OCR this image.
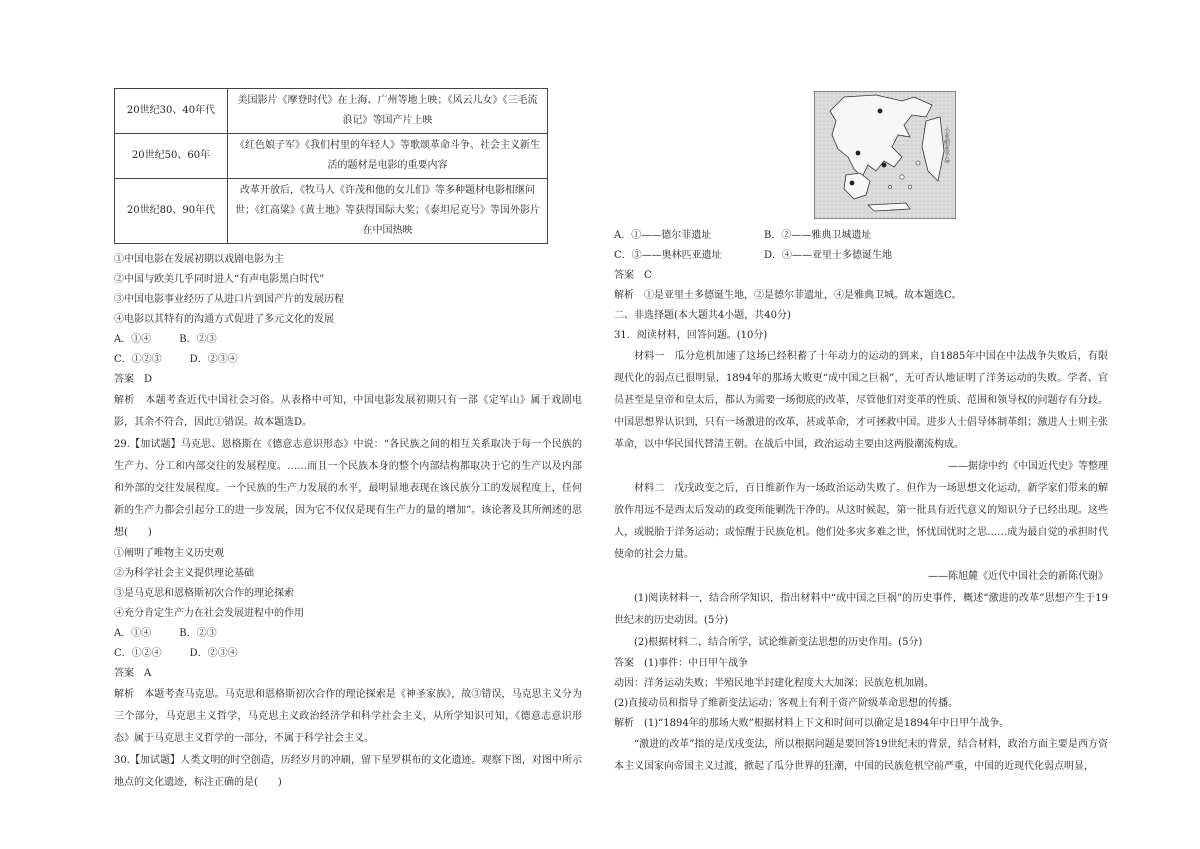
20世纪30、40年代	美国影片《摩登时代》在上海、广州等地上映；《风云儿女》《三毛流浪记》等国产片上映
20世纪50、60年	《红色娘子军》《我们村里的年轻人》等歌颂革命斗争、社会主义新生活的题材是电影的重要内容
20世纪80、90年代	改革开放后，《牧马人《许茂和他的女儿们》等多种题材电影相继问世；《红高粱》《黄土地》等获得国际大奖；《泰坦尼克号》等国外影片在中国热映

①中国电影在发展初期以戏剧电影为主

②中国与欧美几乎同时进人“有声电影黑白时代”

③中国电影事业经历了从进口片到国产片的发展历程

④电影以其特有的沟通方式促进了多元文化的发展

A．①④	B．②③

C．①②③	D．②③④

答案　D

解析　本题考查近代中国社会习俗。从表格中可知，中国电影发展初期只有一部《定军山》属于戏剧电影，其余不符合，因此①错误。故本题选D。

29.【加试题】马克思、恩格斯在《德意志意识形态》中说：“各民族之间的相互关系取决于每一个民族的生产力、分工和内部交往的发展程度。……而且一个民族本身的整个内部结构都取决于它的生产以及内部和外部的交往发展程度。一个民族的生产力发展的水平，最明显地表现在该民族分工的发展程度上，任何新的生产力都会引起分工的进一步发展，因为它不仅仅是现有生产力的量的增加”。该论著及其所阐述的思想(　　)

①阐明了唯物主义历史观

②为科学社会主义提供理论基础

③是马克思和恩格斯初次合作的理论探索

④充分肯定生产力在社会发展进程中的作用

A．①④	B．②③

C．①②④	D．②③④

答案　A

解析　本题考查马克思。马克思和恩格斯初次合作的理论探索是《神圣家族》，故③错误，马克思主义分为三个部分，马克思主义哲学，马克思主义政治经济学和科学社会主义，从所学知识可知，《德意志意识形态》属于马克思主义哲学的一部分，不属于科学社会主义。

30.【加试题】人类文明的时空创造，历经岁月的冲刷，留下星罗棋布的文化遗迹。观察下图，对图中所示地点的文化遗迹，标注正确的是(　　)

小亚细亚半岛

A．①——德尔菲遗址	B．②——雅典卫城遗址

C．③——奥林匹亚遗址	D．④——亚里士多德诞生地

答案　C

解析　①是亚里士多德诞生地，②是德尔菲遗址，④是雅典卫城。故本题选C。

二、非选择题(本大题共4小题，共40分)

31．阅读材料，回答问题。(10分)

材料一　瓜分危机加速了这场已经积蓄了十年动力的运动的到来，自1885年中国在中法战争失败后，有限现代化的弱点已很明显，1894年的那场大败更“成中国之巨祸”，无可否认地证明了洋务运动的失败。学者、官员甚至是皇帝和皇太后，都认为需要一场彻底的改革，尽管他们对变革的性质、范围和领导权的问题存有分歧。中国思想界认识到，只有一场激进的改革，甚或革命，才可拯救中国。进步人士倡导体制革组；激进人士则主张革命，以中华民国代替清王朝。在战后中国，政治运动主要由这两股潮流构成。

——据徐中约《中国近代史》等整理

材料二　戊戌政变之后，百日维新作为一场政治运动失败了。但作为一场思想文化运动，新学家们带来的解放作用远不是西太后发动的政变所能剿洗干净的。从这时候起，第一批具有近代意义的知识分子已经出现。这些人，或脱胎于洋务运动；或惊醒于民族危机。他们处多灾多难之世，怀忧国忧时之思……成为最自觉的承担时代使命的社会力量。

——陈旭麓《近代中国社会的新陈代谢》

(1)阅读材料一，结合所学知识，指出材料中“成中国之巨祸”的历史事件，概述“激进的改革”思想产生于19世纪末的历史动因。(5分)

(2)根据材料二，结合所学，试论维新变法思想的历史作用。(5分)

答案　(1)事件：中日甲午战争

动因：洋务运动失败；半殖民地半封建化程度大大加深；民族危机加剧。

(2)直接动员和指导了维新变法运动；客观上有利于资产阶级革命思想的传播。

解析　(1)“1894年的那场大败”根据材料上下文和时间可以确定是1894年中日甲午战争。

“激进的改革”指的是戊戌变法，所以根据问题是要回答19世纪末的背景，结合材料，政治方面主要是西方资本主义国家向帝国主义过渡，掀起了瓜分世界的狂潮，中国的民族危机空前严重，中国的近现代化弱点明显，
